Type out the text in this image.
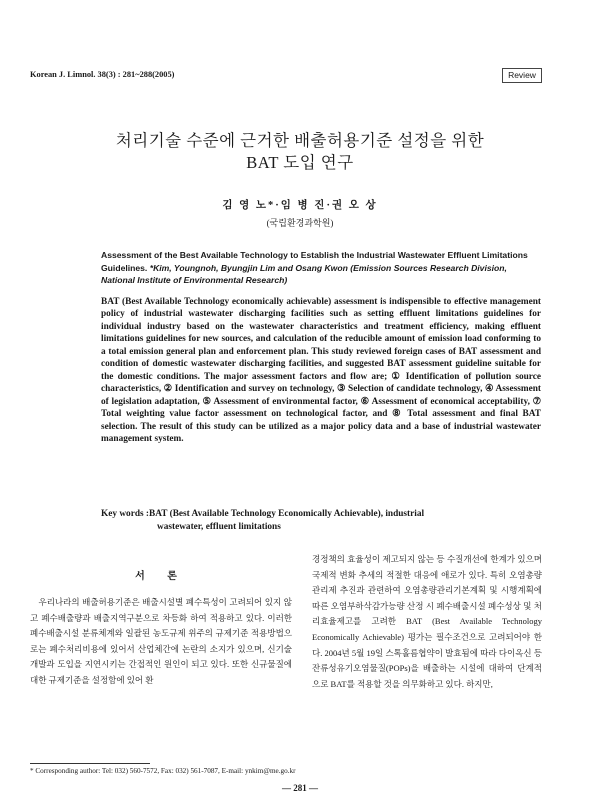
Korean J. Limnol. 38(3) : 281~288(2005)	Review
처리기술 수준에 근거한 배출허용기준 설정을 위한
BAT 도입 연구
김 영 노*·임 병 진·권 오 상
(국립환경과학원)
Assessment of the Best Available Technology to Establish the Industrial Wastewater Effluent Limitations Guidelines. *Kim, Youngnoh, Byungjin Lim and Osang Kwon (Emission Sources Research Division, National Institute of Environmental Research)

BAT (Best Available Technology economically achievable) assessment is indispensible to effective management policy of industrial wastewater discharging facilities such as setting effluent limitations guidelines for individual industry based on the wastewater characteristics and treatment efficiency, making effluent limitations guidelines for new sources, and calculation of the reducible amount of emission load conforming to a total emission general plan and enforcement plan. This study reviewed foreign cases of BAT assessment and condition of domestic wastewater discharging facilities, and suggested BAT assessment guideline suitable for the domestic conditions. The major assessment factors and flow are; ① Identification of pollution source characteristics, ② Identification and survey on technology, ③ Selection of candidate technology, ④ Assessment of legislation adaptation, ⑤ Assessment of environmental factor, ⑥ Assessment of economical acceptability, ⑦ Total weighting value factor assessment on technological factor, and ⑧ Total assessment and final BAT selection. The result of this study can be utilized as a major policy data and a base of industrial wastewater management system.

Key words :BAT (Best Available Technology Economically Achievable), industrial
wastewater, effluent limitations
서 론

우리나라의 배출허용기준은 배출시설별 폐수특성이 고려되어 있지 않고 폐수배출량과 배출지역구분으로 차등화 하여 적용하고 있다. 이러한 폐수배출시설 분류체계와 일괄된 농도규제 위주의 규제기준 적용방법으로는 폐수처리비용에 있어서 산업체간에 논란의 소지가 있으며, 신기술개발과 도입을 지연시키는 간접적인 원인이 되고 있다. 또한 신규물질에 대한 규제기준을 설정함에 있어 환

경정책의 효율성이 제고되지 않는 등 수질개선에 한계가 있으며 국제적 변화 추세의 적절한 대응에 애로가 있다. 특히 오염총량관리제 추진과 관련하여 오염총량관리기본계획 및 시행계획에 따른 오염부하삭감가능량 산정 시 폐수배출시설 폐수성상 및 처리효율제고를 고려한 BAT (Best Available Technology Economically Achievable) 평가는 필수조건으로 고려되어야 한다. 2004년 5월 19일 스톡홀름협약이 발효됨에 따라 다이옥신 등 잔류성유기오염물질(POPs)을 배출하는 시설에 대하여 단계적으로 BAT를 적용할 것을 의무화하고 있다. 하지만,

* Corresponding author: Tel: 032) 560-7572, Fax: 032) 561-7087, E-mail: ynkim@me.go.kr
— 281 —
